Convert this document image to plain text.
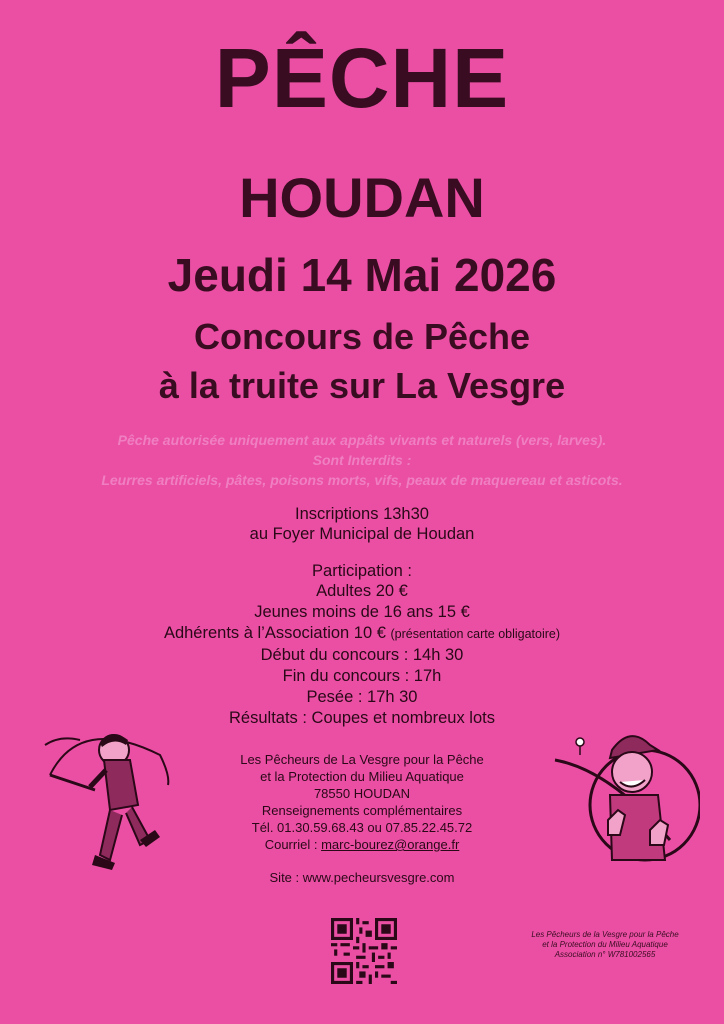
PÊCHE
HOUDAN
Jeudi 14 Mai 2026
Concours de Pêche
à la truite sur La Vesgre
Pêche autorisée uniquement aux appâts vivants et naturels (vers, larves).
Sont Interdits :
Leurres artificiels, pâtes, poisons morts, vifs, peaux de maquereau et asticots.
Inscriptions 13h30
au Foyer Municipal de Houdan
Participation :
Adultes 20 €
Jeunes moins de 16 ans 15 €
Adhérents à l’Association 10 € (présentation carte obligatoire)
Début du concours : 14h 30
Fin du concours : 17h
Pesée : 17h 30
Résultats : Coupes et nombreux lots
Les Pêcheurs de La Vesgre pour la Pêche
et la Protection du Milieu Aquatique
78550 HOUDAN
Renseignements complémentaires
Tél. 01.30.59.68.43 ou 07.85.22.45.72
Courriel : marc-bourez@orange.fr
Site : www.pecheursvesgre.com
Les Pêcheurs de la Vesgre pour la Pêche
et la Protection du Milieu Aquatique
Association n° W781002565
